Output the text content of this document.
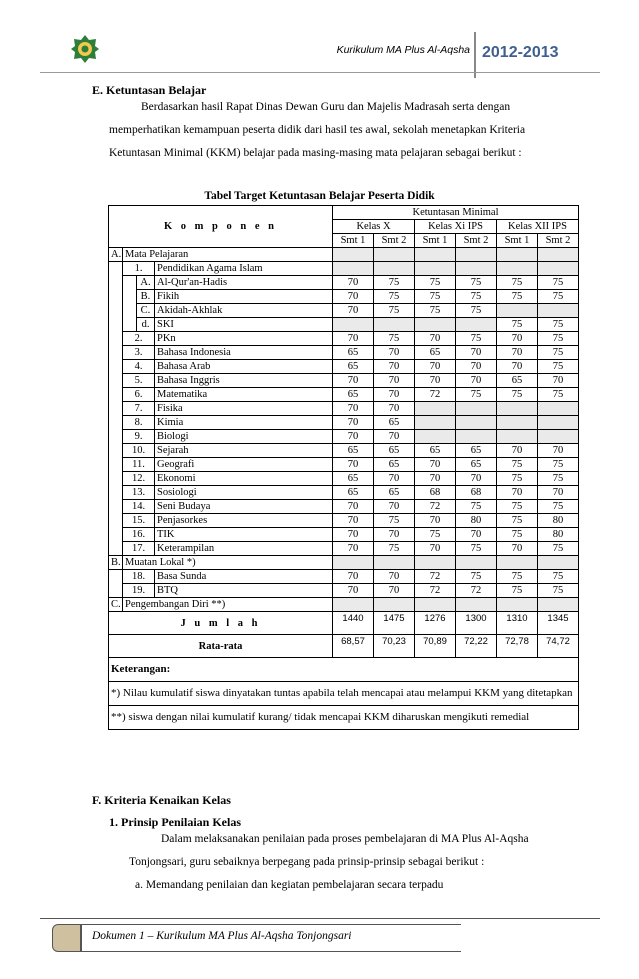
Kurikulum MA Plus Al-Aqsha 2012-2013
E. Ketuntasan Belajar
Berdasarkan hasil Rapat Dinas Dewan Guru dan Majelis Madrasah serta dengan
memperhatikan kemampuan peserta didik dari hasil tes awal, sekolah menetapkan Kriteria
Ketuntasan Minimal (KKM) belajar pada masing-masing mata pelajaran sebagai berikut :
Tabel Target Ketuntasan Belajar Peserta Didik
K o m p o n e n				Ketuntasan Minimal					
				Kelas X		Kelas Xi IPS		Kelas XII IPS	
				Smt 1	Smt 2	Smt 1	Smt 2	Smt 1	Smt 2
A.	Mata Pelajaran								
	1.		Pendidikan Agama Islam						
		A.	Al-Qur'an-Hadis	70	75	75	75	75	75
		B.	Fikih	70	75	75	75	75	75
		C.	Akidah-Akhlak	70	75	75	75		
		d.	SKI					75	75
	2.		PKn	70	75	70	75	70	75
	3.		Bahasa Indonesia	65	70	65	70	70	75
	4.		Bahasa Arab	65	70	70	70	70	75
	5.		Bahasa Inggris	70	70	70	70	65	70
	6.		Matematika	65	70	72	75	75	75
	7.		Fisika	70	70				
	8.		Kimia	70	65				
	9.		Biologi	70	70				
	10.		Sejarah	65	65	65	65	70	70
	11.		Geografi	70	65	70	65	75	75
	12.		Ekonomi	65	70	70	70	75	75
	13.		Sosiologi	65	65	68	68	70	70
	14.		Seni Budaya	70	70	72	75	75	75
	15.		Penjasorkes	70	75	70	80	75	80
	16.		TIK	70	70	75	70	75	80
	17.		Keterampilan	70	75	70	75	70	75
B.	Muatan Lokal *)								
	18.		Basa Sunda	70	70	72	75	75	75
	19.		BTQ	70	70	72	72	75	75
C.	Pengembangan Diri **)								
J u m l a h				1440	1475	1276	1300	1310	1345
Rata-rata				68,57	70,23	70,89	72,22	72,78	74,72
Keterangan:									
*) Nilau kumulatif siswa dinyatakan tuntas apabila telah mencapai atau melampui KKM yang ditetapkan									
**) siswa dengan nilai kumulatif kurang/ tidak mencapai KKM diharuskan mengikuti remedial									
F. Kriteria Kenaikan Kelas
1. Prinsip Penilaian Kelas
Dalam melaksanakan penilaian pada proses pembelajaran di MA Plus Al-Aqsha
Tonjongsari, guru sebaiknya berpegang pada prinsip-prinsip sebagai berikut :
a. Memandang penilaian dan kegiatan pembelajaran secara terpadu
Dokumen 1 – Kurikulum MA Plus Al-Aqsha Tonjongsari
